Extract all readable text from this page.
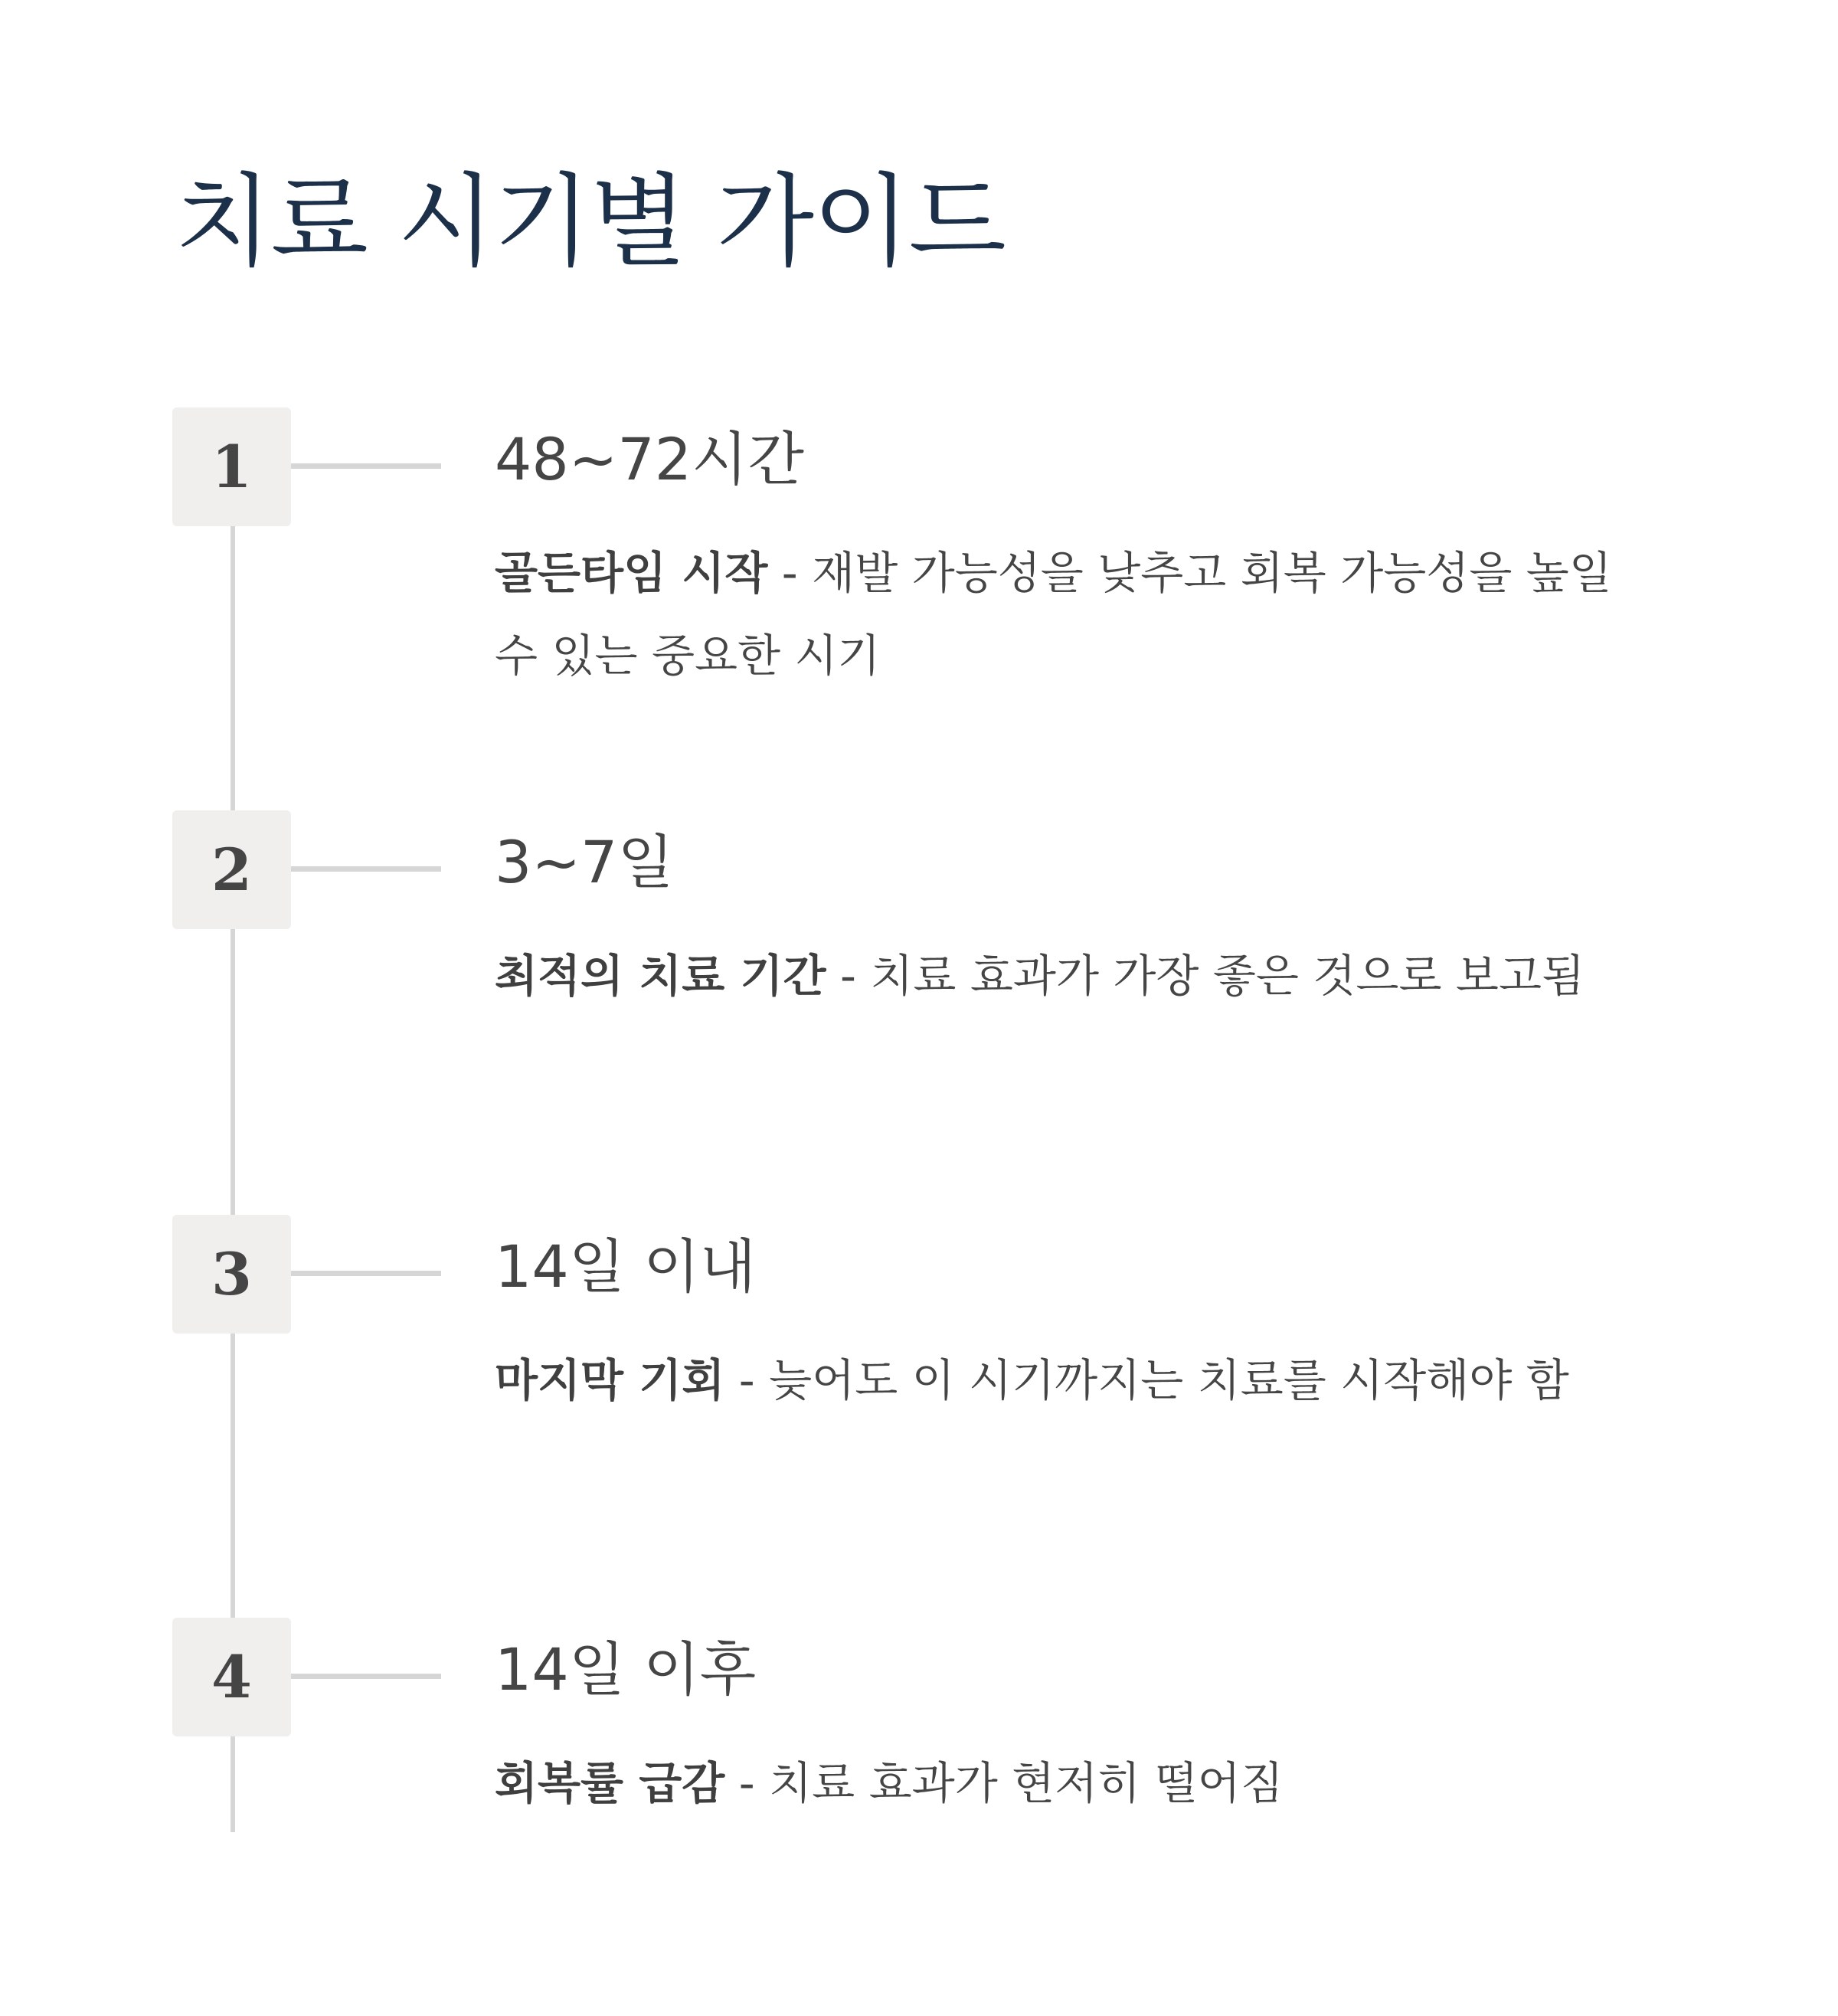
치료 시기별 가이드
1	48~72시간

골든타임 시작 - 재발 가능성을 낮추고 회복 가능성을 높일 수 있는 중요한 시기

2	3~7일

최적의 치료 기간 - 치료 효과가 가장 좋은 것으로 보고됨

3	14일 이내

마지막 기회 - 늦어도 이 시기까지는 치료를 시작해야 함

4	14일 이후

회복률 급감 - 치료 효과가 현저히 떨어짐
